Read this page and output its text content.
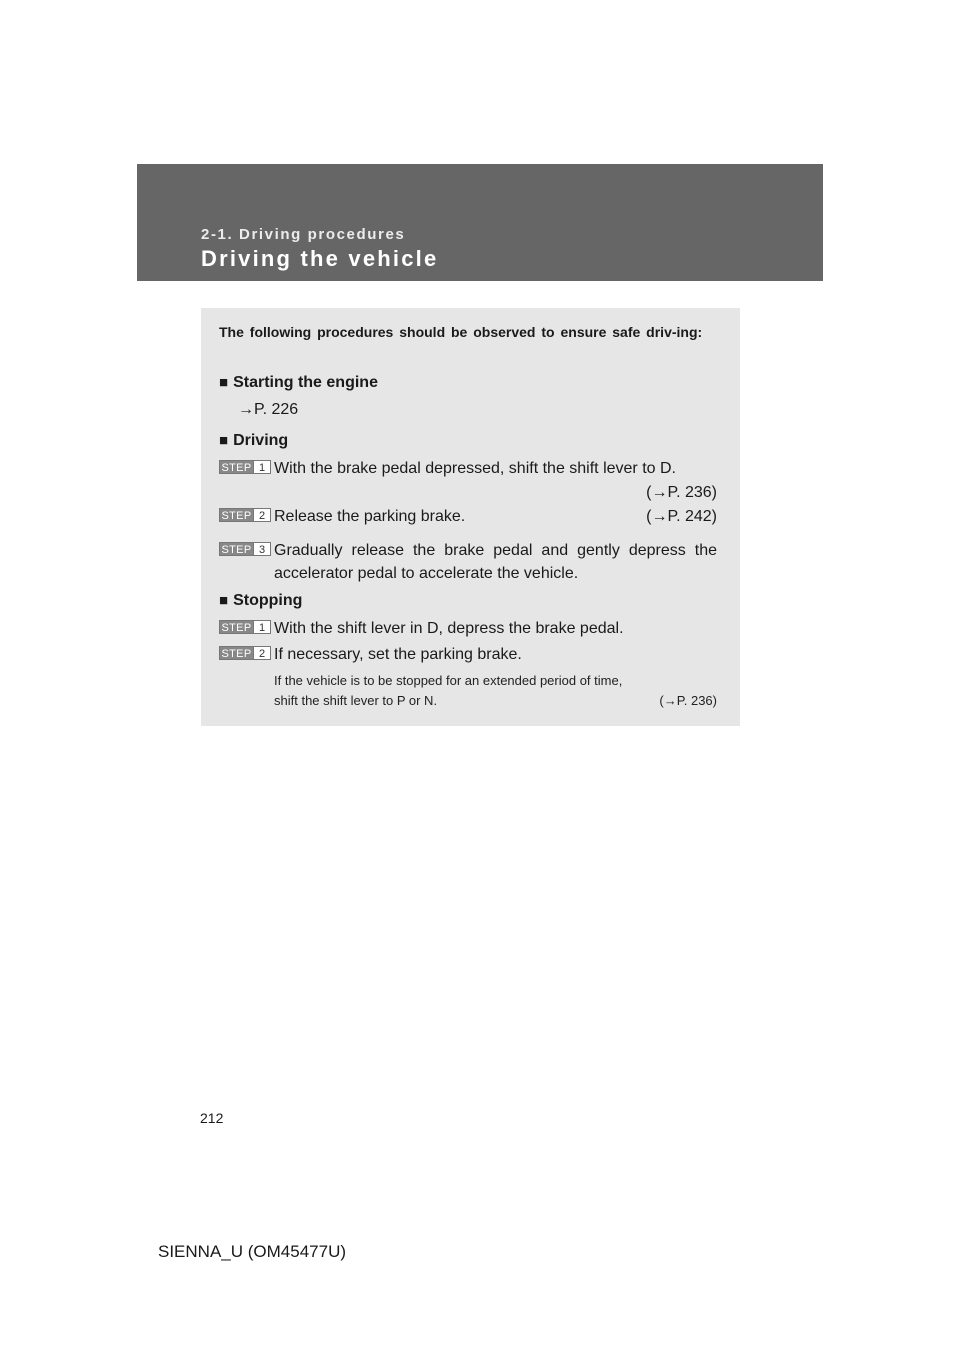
2-1. Driving procedures
Driving the vehicle
The following procedures should be observed to ensure safe driv-ing:
■ Starting the engine
→P. 226
■ Driving
STEP 1 With the brake pedal depressed, shift the shift lever to D.
(→P. 236)
STEP 2 Release the parking brake.	(→P. 242)
STEP 3 Gradually release the brake pedal and gently depress the accelerator pedal to accelerate the vehicle.
■ Stopping
STEP 1 With the shift lever in D, depress the brake pedal.
STEP 2 If necessary, set the parking brake.
If the vehicle is to be stopped for an extended period of time, shift the shift lever to P or N.	(→P. 236)
212
SIENNA_U (OM45477U)
